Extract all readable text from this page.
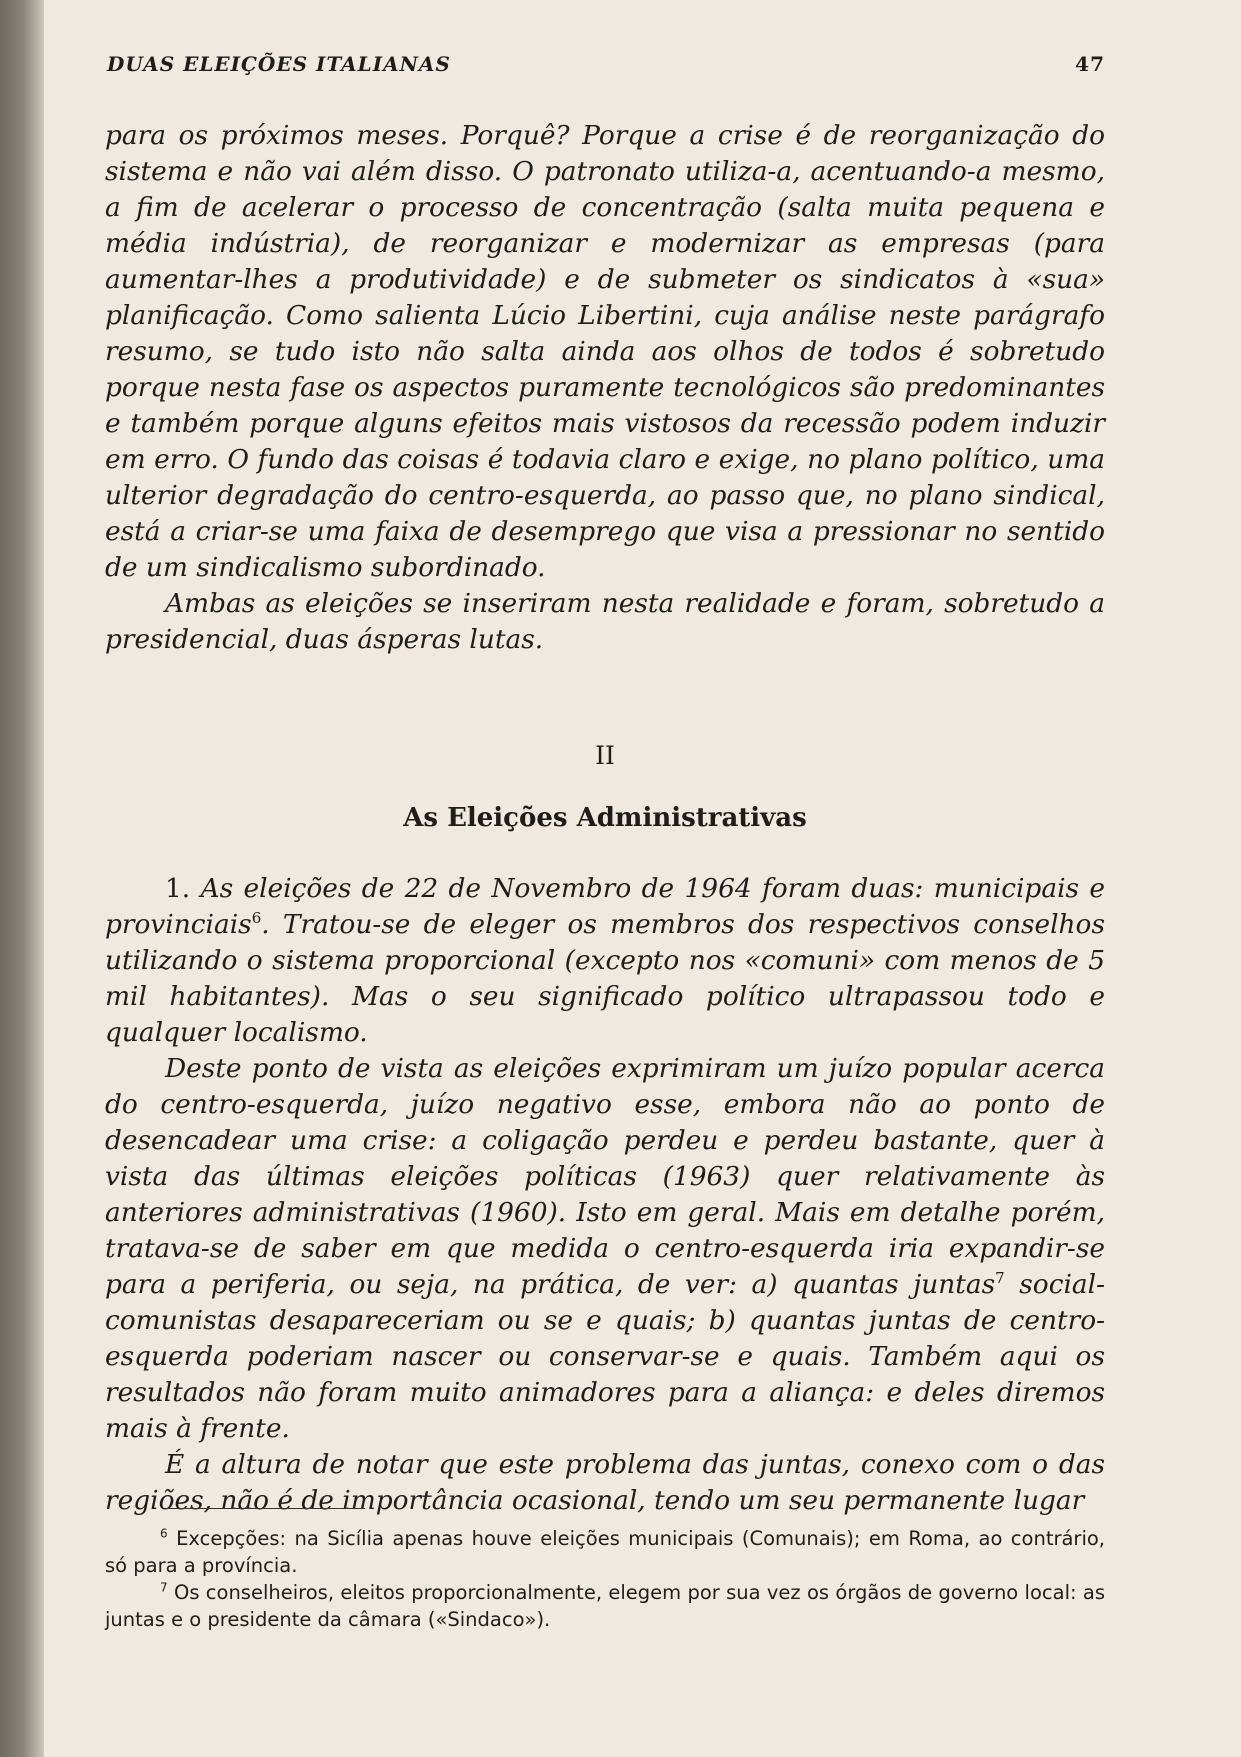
DUAS ELEIÇÕES ITALIANAS	47

para os próximos meses. Porquê? Porque a crise é de reorganização do sistema e não vai além disso. O patronato utiliza-a, acentuando-a mesmo, a fim de acelerar o processo de concentração (salta muita pequena e média indústria), de reorganizar e modernizar as empresas (para aumentar-lhes a produtividade) e de submeter os sindicatos à «sua» planificação. Como salienta Lúcio Libertini, cuja análise neste parágrafo resumo, se tudo isto não salta ainda aos olhos de todos é sobretudo porque nesta fase os aspectos puramente tecnológicos são predominantes e também porque alguns efeitos mais vistosos da recessão podem induzir em erro. O fundo das coisas é todavia claro e exige, no plano político, uma ulterior degradação do centro-esquerda, ao passo que, no plano sindical, está a criar-se uma faixa de desemprego que visa a pressionar no sentido de um sindicalismo subordinado.

Ambas as eleições se inseriram nesta realidade e foram, sobretudo a presidencial, duas ásperas lutas.

II
As Eleições Administrativas

1. As eleições de 22 de Novembro de 1964 foram duas: municipais e provinciais$^6$. Tratou-se de eleger os membros dos respectivos conselhos utilizando o sistema proporcional (excepto nos «comuni» com menos de 5 mil habitantes). Mas o seu significado político ultrapassou todo e qualquer localismo.

Deste ponto de vista as eleições exprimiram um juízo popular acerca do centro-esquerda, juízo negativo esse, embora não ao ponto de desencadear uma crise: a coligação perdeu e perdeu bastante, quer à vista das últimas eleições políticas (1963) quer relativamente às anteriores administrativas (1960). Isto em geral. Mais em detalhe porém, tratava-se de saber em que medida o centro-esquerda iria expandir-se para a periferia, ou seja, na prática, de ver: a) quantas juntas$^7$ social-comunistas desapareceriam ou se e quais; b) quantas juntas de centro-esquerda poderiam nascer ou conservar-se e quais. Também aqui os resultados não foram muito animadores para a aliança: e deles diremos mais à frente.

É a altura de notar que este problema das juntas, conexo com o das regiões, não é de importância ocasional, tendo um seu permanente lugar

$^6$ Excepções: na Sicília apenas houve eleições municipais (Comunais); em Roma, ao contrário, só para a província.

$^7$ Os conselheiros, eleitos proporcionalmente, elegem por sua vez os órgãos de governo local: as juntas e o presidente da câmara («Sindaco»).
